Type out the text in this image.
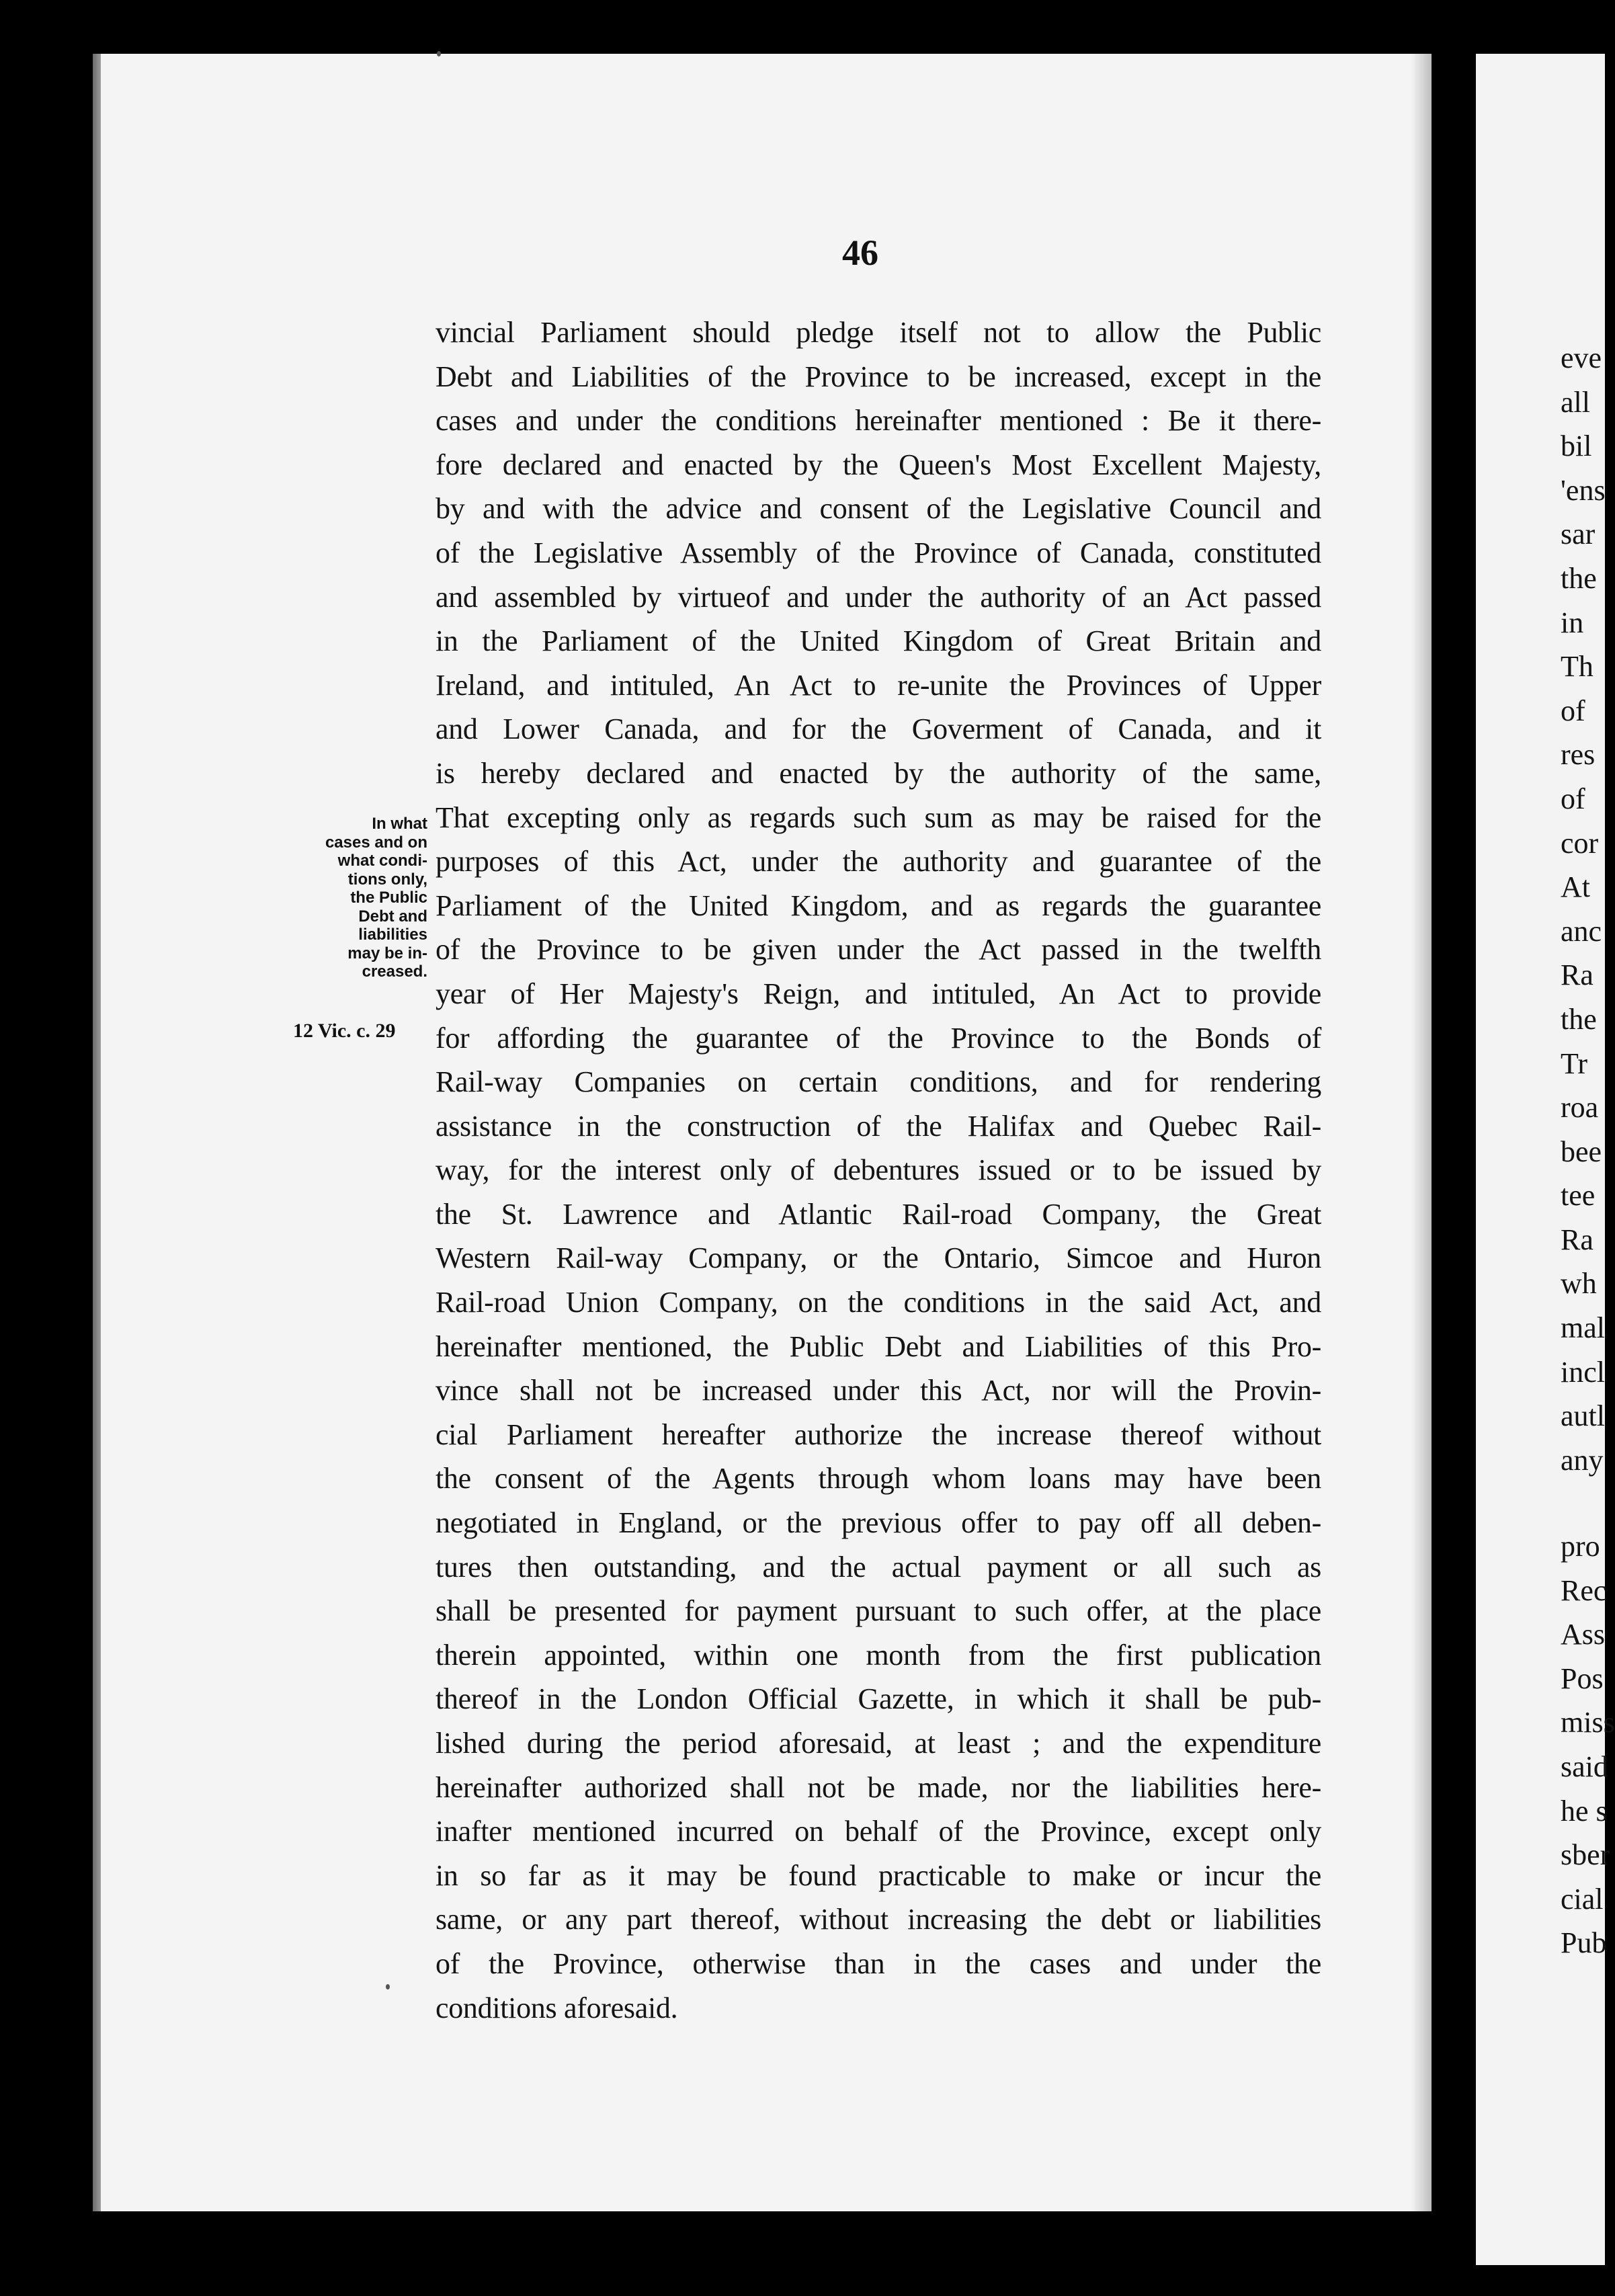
46
vincial Parliament should pledge itself not to allow the Public
Debt and Liabilities of the Province to be increased, except in the
cases and under the conditions hereinafter mentioned : Be it there-
fore declared and enacted by the Queen's Most Excellent Majesty,
by and with the advice and consent of the Legislative Council and
of the Legislative Assembly of the Province of Canada, constituted
and assembled by virtueof and under the authority of an Act passed
in the Parliament of the United Kingdom of Great Britain and
Ireland, and intituled, An Act to re-unite the Provinces of Upper
and Lower Canada, and for the Goverment of Canada, and it
is hereby declared and enacted by the authority of the same,
That excepting only as regards such sum as may be raised for the
purposes of this Act, under the authority and guarantee of the
Parliament of the United Kingdom, and as regards the guarantee
of the Province to be given under the Act passed in the twelfth
year of Her Majesty's Reign, and intituled, An Act to provide
for affording the guarantee of the Province to the Bonds of
Rail-way Companies on certain conditions, and for rendering
assistance in the construction of the Halifax and Quebec Rail-
way, for the interest only of debentures issued or to be issued by
the St. Lawrence and Atlantic Rail-road Company, the Great
Western Rail-way Company, or the Ontario, Simcoe and Huron
Rail-road Union Company, on the conditions in the said Act, and
hereinafter mentioned, the Public Debt and Liabilities of this Pro-
vince shall not be increased under this Act, nor will the Provin-
cial Parliament hereafter authorize the increase thereof without
the consent of the Agents through whom loans may have been
negotiated in England, or the previous offer to pay off all deben-
tures then outstanding, and the actual payment or all such as
shall be presented for payment pursuant to such offer, at the place
therein appointed, within one month from the first publication
thereof in the London Official Gazette, in which it shall be pub-
lished during the period aforesaid, at least ; and the expenditure
hereinafter authorized shall not be made, nor the liabilities here-
inafter mentioned incurred on behalf of the Province, except only
in so far as it may be found practicable to make or incur the
same, or any part thereof, without increasing the debt or liabilities
of the Province, otherwise than in the cases and under the
conditions aforesaid.
In what
cases and on
what condi-
tions only,
the Public
Debt and
liabilities
may be in-
creased.
12 Vic. c. 29
eve
all
bil
'ens
sar
the
in
Th
of
res
of
cor
At
anc
Ra
the
Tr
roa
bee
tee
Ra
wh
mal
incl
autl
any
pro
Rec
Ass
Pos
miss
said
he s
sber
cial
Pub
